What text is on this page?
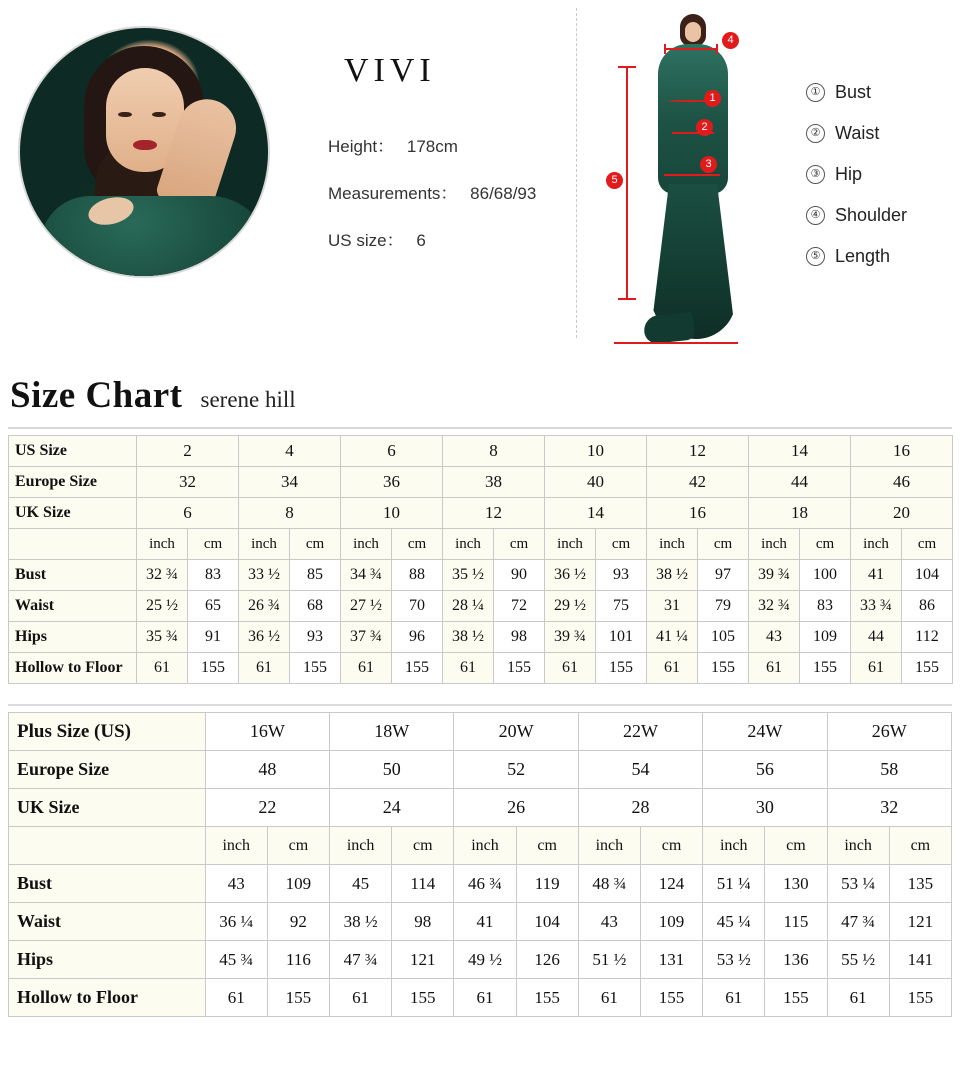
VIVI
Height： 178cm
Measurements： 86/68/93
US size： 6
4
1
2
3
5
① Bust
② Waist
③ Hip
④ Shoulder
⑤ Length
Size Chart serene hill
US Size	2		4		6		8		10		12		14		16	
Europe Size	32		34		36		38		40		42		44		46	
UK Size	6		8		10		12		14		16		18		20	
	inch	cm	inch	cm	inch	cm	inch	cm	inch	cm	inch	cm	inch	cm	inch	cm
Bust	32 ¾	83	33 ½	85	34 ¾	88	35 ½	90	36 ½	93	38 ½	97	39 ¾	100	41	104
Waist	25 ½	65	26 ¾	68	27 ½	70	28 ¼	72	29 ½	75	31	79	32 ¾	83	33 ¾	86
Hips	35 ¾	91	36 ½	93	37 ¾	96	38 ½	98	39 ¾	101	41 ¼	105	43	109	44	112
Hollow to Floor	61	155	61	155	61	155	61	155	61	155	61	155	61	155	61	155
Plus Size (US)	16W		18W		20W		22W		24W		26W	
Europe Size	48		50		52		54		56		58	
UK Size	22		24		26		28		30		32	
	inch	cm	inch	cm	inch	cm	inch	cm	inch	cm	inch	cm
Bust	43	109	45	114	46 ¾	119	48 ¾	124	51 ¼	130	53 ¼	135
Waist	36 ¼	92	38 ½	98	41	104	43	109	45 ¼	115	47 ¾	121
Hips	45 ¾	116	47 ¾	121	49 ½	126	51 ½	131	53 ½	136	55 ½	141
Hollow to Floor	61	155	61	155	61	155	61	155	61	155	61	155
